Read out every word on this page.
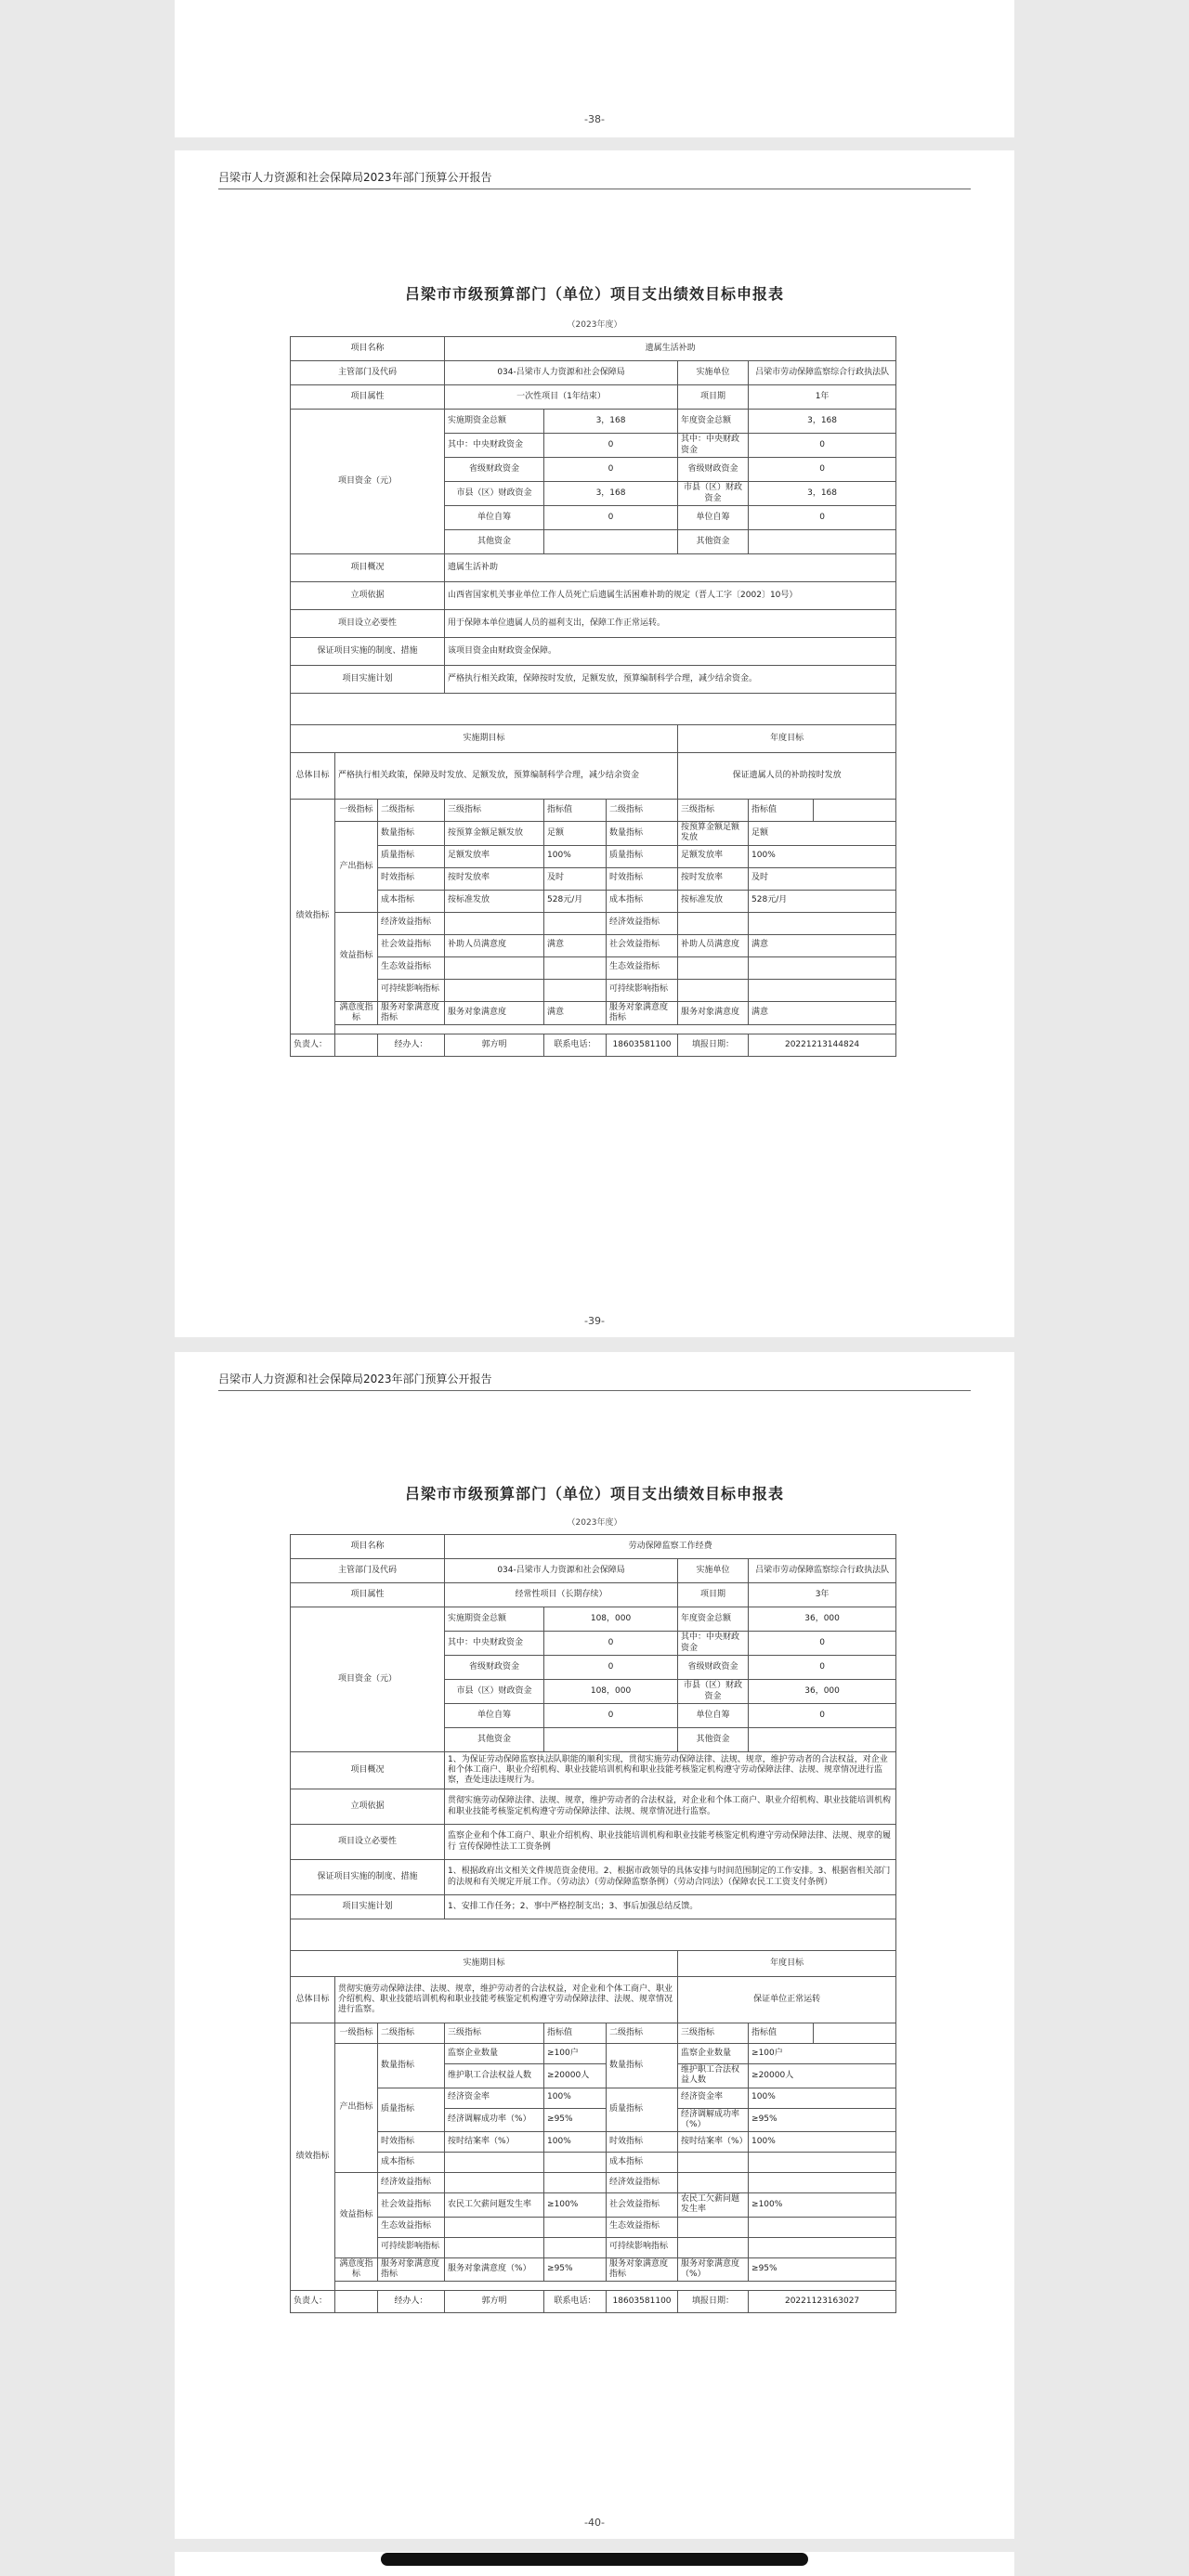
-38-
吕梁市人力资源和社会保障局2023年部门预算公开报告
吕梁市市级预算部门（单位）项目支出绩效目标申报表
（2023年度）
项目名称			遗属生活补助					
主管部门及代码			034-吕梁市人力资源和社会保障局			实施单位	吕梁市劳动保障监察综合行政执法队	
项目属性			一次性项目（1年结束）			项目期	1年	
项目资金（元）			实施期资金总额	3，168		年度资金总额	3，168	
			其中：中央财政资金	0		其中：中央财政资金	0	
			省级财政资金	0		省级财政资金	0	
			市县（区）财政资金	3，168		市县（区）财政资金	3，168	
			单位自筹	0		单位自筹	0	
			其他资金			其他资金		
项目概况			遗属生活补助					
立项依据			山西省国家机关事业单位工作人员死亡后遗属生活困难补助的规定（晋人工字〔2002〕10号）					
项目设立必要性			用于保障本单位遗属人员的福利支出，保障工作正常运转。					
保证项目实施的制度、措施			该项目资金由财政资金保障。					
项目实施计划			严格执行相关政策，保障按时发放，足额发放，预算编制科学合理，减少结余资金。					

实施期目标						年度目标		
总体目标	严格执行相关政策，保障及时发放、足额发放，预算编制科学合理，减少结余资金					保证遗属人员的补助按时发放		
绩效指标	一级指标	二级指标	三级指标	指标值	二级指标	三级指标	指标值	
	产出指标	数量指标	按预算金额足额发放	足额	数量指标	按预算金额足额发放	足额	
		质量指标	足额发放率	100%	质量指标	足额发放率	100%	
		时效指标	按时发放率	及时	时效指标	按时发放率	及时	
		成本指标	按标准发放	528元/月	成本指标	按标准发放	528元/月	
	效益指标	经济效益指标			经济效益指标			
		社会效益指标	补助人员满意度	满意	社会效益指标	补助人员满意度	满意	
		生态效益指标			生态效益指标			
		可持续影响指标			可持续影响指标			
	满意度指标	服务对象满意度指标	服务对象满意度	满意	服务对象满意度指标	服务对象满意度	满意	

负责人：		经办人：	郭方明	联系电话：	18603581100	填报日期：	20221213144824	
-39-
吕梁市人力资源和社会保障局2023年部门预算公开报告
吕梁市市级预算部门（单位）项目支出绩效目标申报表
（2023年度）
项目名称			劳动保障监察工作经费					
主管部门及代码			034-吕梁市人力资源和社会保障局			实施单位	吕梁市劳动保障监察综合行政执法队	
项目属性			经常性项目（长期存续）			项目期	3年	
项目资金（元）			实施期资金总额	108，000		年度资金总额	36，000	
			其中：中央财政资金	0		其中：中央财政资金	0	
			省级财政资金	0		省级财政资金	0	
			市县（区）财政资金	108，000		市县（区）财政资金	36，000	
			单位自筹	0		单位自筹	0	
			其他资金			其他资金		
项目概况			1、为保证劳动保障监察执法队职能的顺利实现，贯彻实施劳动保障法律、法规、规章，维护劳动者的合法权益，对企业和个体工商户、职业介绍机构、职业技能培训机构和职业技能考核鉴定机构遵守劳动保障法律、法规、规章情况进行监察，查处违法违规行为。					
立项依据			贯彻实施劳动保障法律、法规、规章，维护劳动者的合法权益，对企业和个体工商户、职业介绍机构、职业技能培训机构和职业技能考核鉴定机构遵守劳动保障法律、法规、规章情况进行监察。					
项目设立必要性			监察企业和个体工商户、职业介绍机构、职业技能培训机构和职业技能考核鉴定机构遵守劳动保障法律、法规、规章的履行 宣传保障性法工工资条例					
保证项目实施的制度、措施			1、根据政府出文相关文件规范资金使用。2、根据市政领导的具体安排与时间范围制定的工作安排。3、根据省相关部门的法规和有关规定开展工作。（劳动法）（劳动保障监察条例）（劳动合同法）（保障农民工工资支付条例）					
项目实施计划			1、安排工作任务；2、事中严格控制支出；3、事后加强总结反馈。					

实施期目标						年度目标		
总体目标	贯彻实施劳动保障法律、法规、规章，维护劳动者的合法权益，对企业和个体工商户、职业介绍机构、职业技能培训机构和职业技能考核鉴定机构遵守劳动保障法律、法规、规章情况进行监察。					保证单位正常运转		
绩效指标	一级指标	二级指标	三级指标	指标值	二级指标	三级指标	指标值	
	产出指标	数量指标	监察企业数量	≥100户	数量指标	监察企业数量	≥100户	
			维护职工合法权益人数	≥20000人		维护职工合法权益人数	≥20000人	
		质量指标	经济资金率	100%	质量指标	经济资金率	100%	
			经济调解成功率（%）	≥95%		经济调解成功率（%）	≥95%	
		时效指标	按时结案率（%）	100%	时效指标	按时结案率（%）	100%	
		成本指标			成本指标			
	效益指标	经济效益指标			经济效益指标			
		社会效益指标	农民工欠薪问题发生率	≥100%	社会效益指标	农民工欠薪问题发生率	≥100%	
		生态效益指标			生态效益指标			
		可持续影响指标			可持续影响指标			
	满意度指标	服务对象满意度指标	服务对象满意度（%）	≥95%	服务对象满意度指标	服务对象满意度（%）	≥95%	

负责人：		经办人：	郭方明	联系电话：	18603581100	填报日期：	20221123163027	
-40-
